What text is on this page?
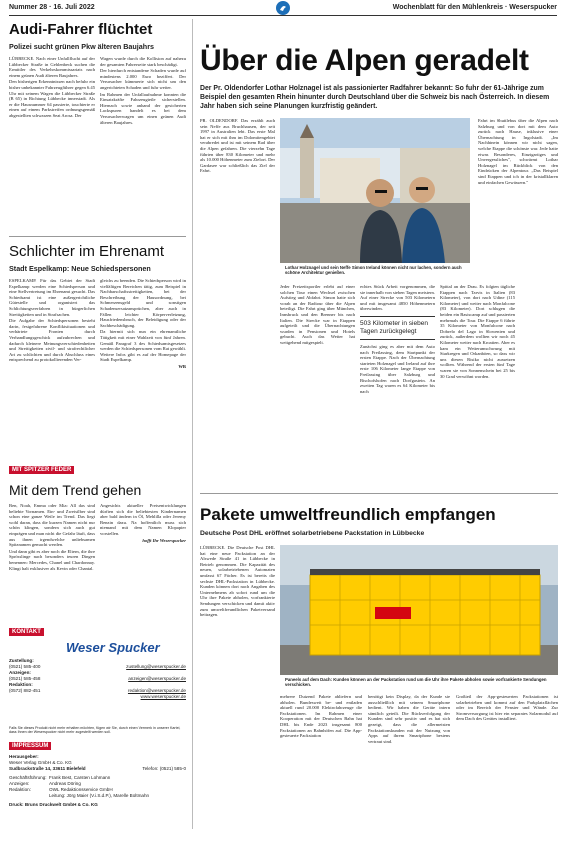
Nummer 28 · 16. Juli 2022	Wochenblatt für den Mühlenkreis · Weserspucker
Audi-Fahrer flüchtet
Polizei sucht grünen Pkw älteren Baujahrs

LÜBBECKE. Nach einer Unfallflucht auf der Lübbecker Straße in Gehlenbeck suchen die Ermittler des Verkehrskommissariats nach einem grünen Audi älteren Baujahres.

Den bisherigen Erkenntnissen nach befuhr ein bisher unbekannter Fahrzeugführer gegen 6.45 Uhr mit seinem Wagen die Lübbecker Straße (B 65) in Richtung Lübbecke innerstadt. Als er die Hausnummer 64 passierte, touchierte er einen auf einem Parkstreifen ordnungsgemäß abgestellten schwarzen Seat Arosa. Der

Wagen wurde durch die Kollision auf nahezu der gesamten Fahrerseite stark beschädigt.

Der hierdurch entstandene Schaden wurde auf mindestens 2.000 Euro beziffert. Der Verursacher kümmerte sich nicht um den angerichteten Schaden und fuhr weiter.

Im Rahmen der Unfallaufnahme konnten die Einsatzkräfte Fahrzeugteile sicherstellen. Hiernach sowie anhand der gesicherten Lackspuren handelt es bei dem Verursacherwagen um einen grünen Audi älteren Baujahres.

Schlichter im Ehrenamt
Stadt Espelkamp: Neue Schiedspersonen

ESPELKAMP. Für das Gebiet der Stadt Espelkamp werden eine Schiedsperson und eine Stellvertretung im Ehrenamt gesucht. Das Schiedsamt ist eine außergerichtliche Gütestelle und organisiert das Schlichtungsverfahren in bürgerlichen Streitigkeiten und in Strafsachen.

Die Aufgabe der Schiedspersonen besteht darin, festgefahrene Konfliktsituationen und verhärtete Fronten durch Verhandlungsgeschick aufzubrechen und dadurch kleinere Meinungsverschiedenheiten und Streitigkeiten zivil- und strafrechtlicher Art zu schlichten und durch Abschluss eines entsprechend zu protokollierenden Ver-

gleichs zu beenden. Die Schiedsperson wird in vielfältigen Bereichen tätig, zum Beispiel in Nachbarschaftsstreitigkeiten, bei der Beschreibung der Hausordnung, bei Schmerzensgeld und sonstigen Schadensersatzansprüchen, aber auch in Fällen leichter Körperverletzung, Hausfriedensbruch, der Beleidigung oder der Sachbeschädigung.

Da hiermit sich nun ein ehrenamtliche Tätigkeit mit einer Wahlzeit von fünf Jahren. Gemäß Paragraf 3 des Schiedsamtsgesetzes werden die Schiedspersonen vom Rat gewählt. Weitere Infos gibt es auf der Homepage der Stadt Espelkamp.

WB

MIT SPITZER FEDER
Mit dem Trend gehen

Ben, Noah, Emma oder Mia: All das sind beliebte Vornamen. Ein- und Zweisilber sind schon eine ganze Weile im Trend. Das liegt wohl daran, dass die kurzen Namen nicht nur schön klingen, sondern sich auch gut einprägen und man nicht die Gefahr läuft, dass aus ihnen irgendwelche unliebsamen Spitznamen gemacht werden.

Und dann gibt es aber noch die Eltern, die ihre Sprösslinge nach besonders teuren Dingen benennen: Mercedes, Chanel und Chardonnay. Klingt halt exklusiver als Kevin oder Chantal.

Angesichts aktueller Preisentwicklungen dürften sich die beliebtesten Kindernamen aber bald ändern in Öl, Mehlilla oder Jeremy Benzin dazu. Na hoffentlich muss sich niemand mit dem Namen Klopapier vorstellen.

hofft Ihr Weserspucker

KONTAKT
Weser Spucker
Zustellung:
(0521) 585-400	zustellung@weserspucker.de
Anzeigen:
(0521) 585-458	anzeigen@weserspucker.de
Redaktion:
(0572) 882-451	redaktion@weserspucker.de
www.weserspucker.de
Falls Sie dieses Produkt nicht mehr erhalten möchten, fügen wir Sie, durch einen Vermerk in unserer Kartei, dass Ihnen der Weserspucker nicht mehr zugestellt werden soll.
IMPRESSUM
Herausgeber:
Weser Verlag GmbH & Co. KG
Sudbrackstraße 14, 33611 Bielefeld	Telefon: (0521) 585-0
Geschäftsführung: Frank Best, Carsten Lohmann
Anzeigen:	Andreas Döring
Redaktion:	OWL Redaktionsservice GmbH
Leitung: Jörg Maier (V.i.S.d.P.), Marelle Boltmahn
Druck: Bruns Druckwelt GmbH & Co. KG
Über die Alpen geradelt
Der Pr. Oldendorfer Lothar Holznagel ist als passionierter Radfahrer bekannt: So fuhr der 61-Jährige zum Beispiel den gesamten Rhein hinunter durch Deutschland über die Schweiz bis nach Österreich. In diesem Jahr haben sich seine Planungen kurzfristig geändert.

PR. OLDENDORF. Das erzählt auch sein Neffe aus Bruchhausen, der seit 1997 in Australien lebt. Das erste Mal hat er sich mit ihm im Dolomitengebiet verabredet und ist mit seinem Rad über die Alpen gefahren. Die vierzehn Tage führten über 830 Kilometer und mehr als 10.000 Höhenmeter zum Zielort. Der Gardasee war schließlich das Ziel der Fahrt.

Lothar Holznagel und sein Neffe Simon Ireland können nicht nur lachen, sondern auch schöne Architektur genießen.

Jeder Freizeitsportler erlebt auf einer solchen Tour einen Wechsel zwischen Aufstieg und Abfahrt. Simon hatte sich vorab an der Radtour über die Alpen beteiligt. Die Fahrt ging über München, Innsbruck und den Brenner bis nach Italien. Die Strecke war in Etappen aufgeteilt und die Übernachtungen wurden in Pensionen und Hotels gebucht. Auch das Wetter hat weitgehend mitgespielt.

echtes Stück Arbeit vorgenommen, die sie innerhalb von sieben Tagen meistern. Auf einer Strecke von 503 Kilometern und mit insgesamt 4850 Höhenmetern überwinden.

503 Kilometer in sieben Tagen zurückgelegt

Zunächst ging es aber mit dem Auto nach Freilassing, dem Startpunkt der ersten Etappe. Nach der Übernachtung starteten Holznagel und Ireland auf ihre erste 106 Kilometer lange Etappe von Freilassing über Salzburg und Bischofshofen nach Dorfgastein. An zweiten Tag waren es 64 Kilometer bis nach

Spittal an der Drau. Es folgten tägliche Etappen nach Tarvis in Italien (83 Kilometer), von dort nach Udine (115 Kilometer) und weiter nach Monfalcone (83 Kilometer). Dort schlugen die beiden ein Basiscamp auf und passierten mehrmals die Tour. Die Etappe 6 führte 35 Kilometer von Monfalcone nach Dobrelo del Lago in Slowenien und zurück, außerdem wollten wir noch 45 Kilometer weiter nach Kroatien. Aber es kam ein Wetterumschwung mit Starkregen und Orkanböen, so dass wir uns diesen Risiko nicht aussetzen wollten. Während der ersten fünf Tage waren sie von Sonnenschein bei 25 bis 30 Grad verwöhnt worden.

Fahrt im Shuttlebus über die Alpen nach Salzburg und von dort mit dem Auto zurück nach Hause, inklusive einer Übernachtung in Ingolstadt. „Im Nachhinein können wir nicht sagen, welche Etappe die schönste war. Jede hatte etwas Besonderes, Einzigartiges und Unvergessliches", schwärmt Lothar Holznagel im Rückblick von den Eindrücken der Alpentour. „Das Beispiel sind Etappen und ich in der kristallklaren und einfachen Gewässern."

Pakete umweltfreundlich empfangen
Deutsche Post DHL eröffnet solarbetriebene Packstation in Lübbecke

LÜBBECKE. Die Deutsche Post DHL hat eine neue Packstation an der Alswede Straße 41 in Lübbecke in Betrieb genommen. Die Kapazität des neuen, solarbetriebenen Automaten umfasst 67 Fächer. Es ist bereits die sechste DHL-Packstation in Lübbecke. Kunden können dort nach Angaben des Unternehmens ab sofort rund um die Uhr ihre Pakete abholen, vorfrankierte Sendungen verschicken und damit aktiv zum umweltfreundlichen Paketversand beitragen.

Paneels auf dem Dach: Kunden können an der Packstation rund um die Uhr ihre Pakete abholen sowie vorfrankierte Sendungen verschicken.

mehrere Dutzend Pakete abliefern und abholen. Bundesweit be- und entladen aktuell rund 20.000 Elektrofahrzeuge die Packstationen. Im Rahmen einer Kooperation mit der Deutschen Bahn hat DHL bis Ende 2023 insgesamt 800 Packstationen an Bahnhöfen auf. Die App-gesteuerte Packstation

benötigt kein Display, da der Kunde sie ausschließlich mit seinem Smartphone bedient. Wir haben die Geräte intern sämtlich geteilt. Die Rückverfolgung der Kunden sind sehr positiv und es hat sich gezeigt, dass die allermeisten Packstationskunden mit der Nutzung von Apps auf ihrem Smartphone bestens vertraut sind.

Großteil der App-gesteuerten Packstationen ist solarbetrieben und kommt auf den Parkplatzflächen oder im Bereich der Fenster und Wände. Zur Stromversorgung ist hier ein separates Solarmodul auf dem Dach des Gerätes installiert.
